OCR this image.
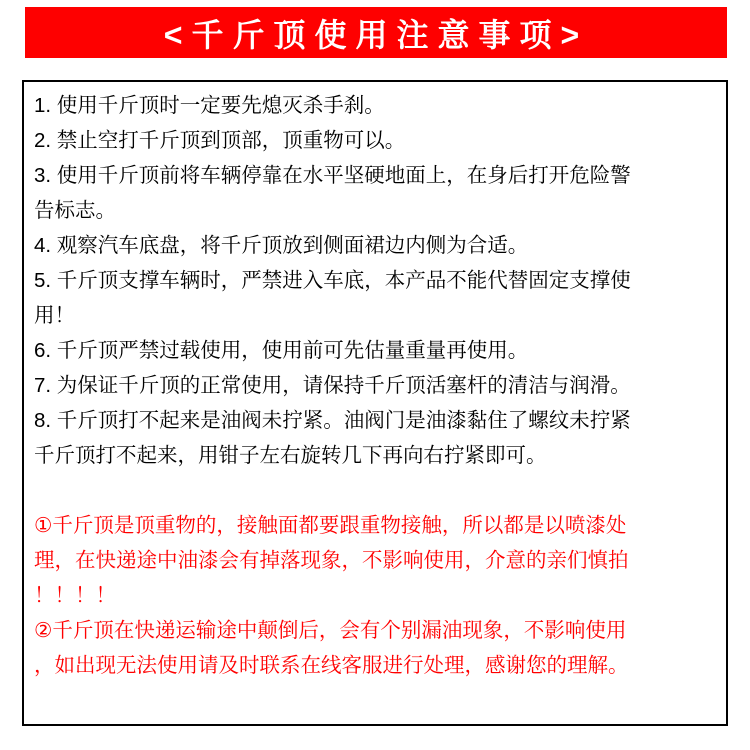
<千斤顶使用注意事项>
1. 使用千斤顶时一定要先熄灭杀手刹。
2. 禁止空打千斤顶到顶部，顶重物可以。
3. 使用千斤顶前将车辆停靠在水平坚硬地面上，在身后打开危险警
告标志。
4. 观察汽车底盘，将千斤顶放到侧面裙边内侧为合适。
5. 千斤顶支撑车辆时，严禁进入车底，本产品不能代替固定支撑使
用！
6. 千斤顶严禁过载使用，使用前可先估量重量再使用。
7. 为保证千斤顶的正常使用，请保持千斤顶活塞杆的清洁与润滑。
8. 千斤顶打不起来是油阀未拧紧。油阀门是油漆黏住了螺纹未拧紧
千斤顶打不起来，用钳子左右旋转几下再向右拧紧即可。
①千斤顶是顶重物的，接触面都要跟重物接触，所以都是以喷漆处
理，在快递途中油漆会有掉落现象，不影响使用，介意的亲们慎拍
！！！！
②千斤顶在快递运输途中颠倒后，会有个别漏油现象，不影响使用
，如出现无法使用请及时联系在线客服进行处理，感谢您的理解。
